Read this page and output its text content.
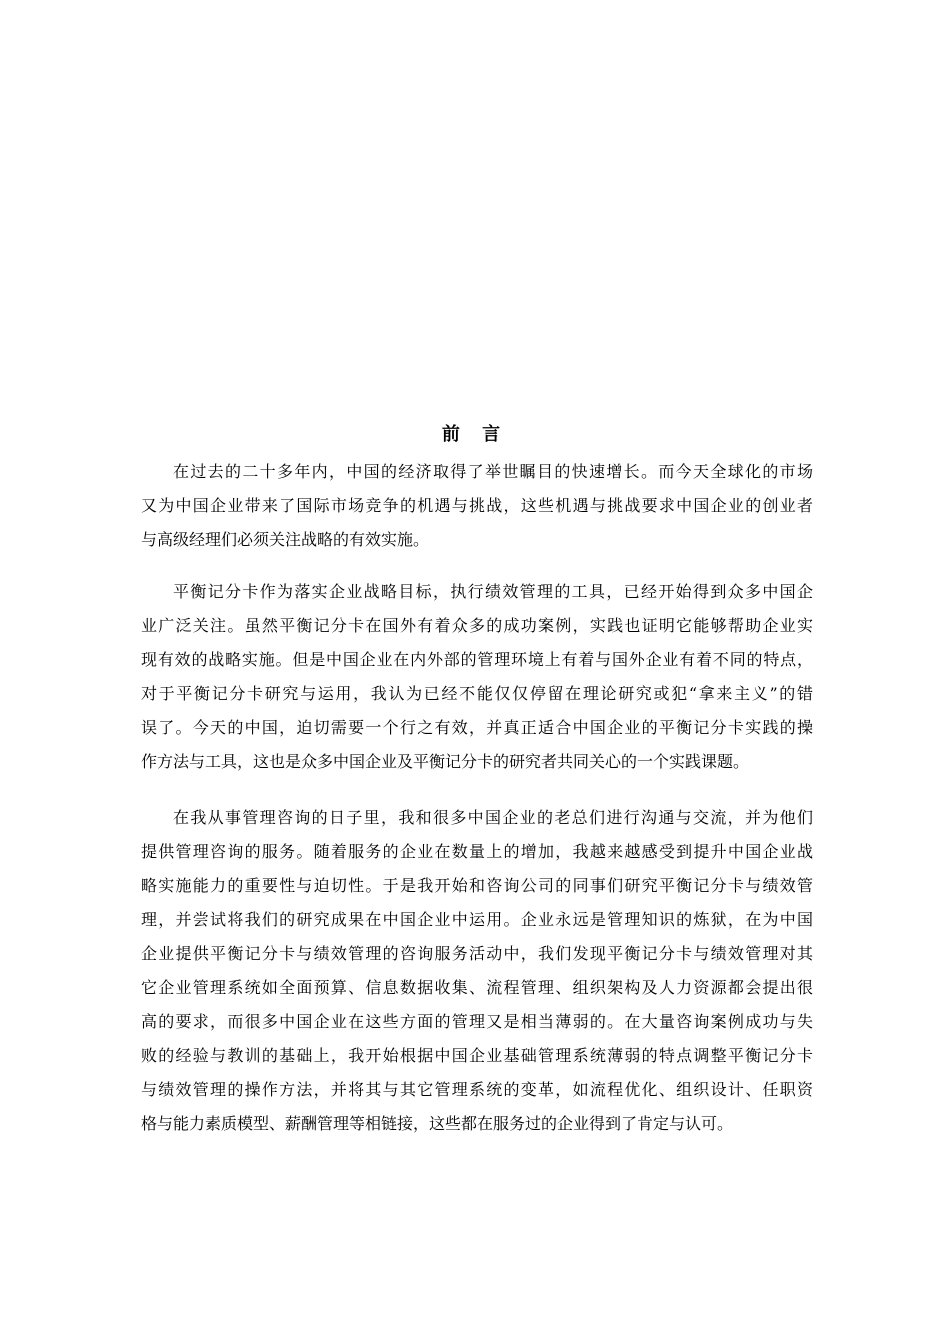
前 言
在过去的二十多年内，中国的经济取得了举世瞩目的快速增长。而今天全球化的市场
又为中国企业带来了国际市场竞争的机遇与挑战，这些机遇与挑战要求中国企业的创业者
与高级经理们必须关注战略的有效实施。
平衡记分卡作为落实企业战略目标，执行绩效管理的工具，已经开始得到众多中国企
业广泛关注。虽然平衡记分卡在国外有着众多的成功案例，实践也证明它能够帮助企业实
现有效的战略实施。但是中国企业在内外部的管理环境上有着与国外企业有着不同的特点，
对于平衡记分卡研究与运用，我认为已经不能仅仅停留在理论研究或犯“拿来主义”的错
误了。今天的中国，迫切需要一个行之有效，并真正适合中国企业的平衡记分卡实践的操
作方法与工具，这也是众多中国企业及平衡记分卡的研究者共同关心的一个实践课题。
在我从事管理咨询的日子里，我和很多中国企业的老总们进行沟通与交流，并为他们
提供管理咨询的服务。随着服务的企业在数量上的增加，我越来越感受到提升中国企业战
略实施能力的重要性与迫切性。于是我开始和咨询公司的同事们研究平衡记分卡与绩效管
理，并尝试将我们的研究成果在中国企业中运用。企业永远是管理知识的炼狱，在为中国
企业提供平衡记分卡与绩效管理的咨询服务活动中，我们发现平衡记分卡与绩效管理对其
它企业管理系统如全面预算、信息数据收集、流程管理、组织架构及人力资源都会提出很
高的要求，而很多中国企业在这些方面的管理又是相当薄弱的。在大量咨询案例成功与失
败的经验与教训的基础上，我开始根据中国企业基础管理系统薄弱的特点调整平衡记分卡
与绩效管理的操作方法，并将其与其它管理系统的变革，如流程优化、组织设计、任职资
格与能力素质模型、薪酬管理等相链接，这些都在服务过的企业得到了肯定与认可。
